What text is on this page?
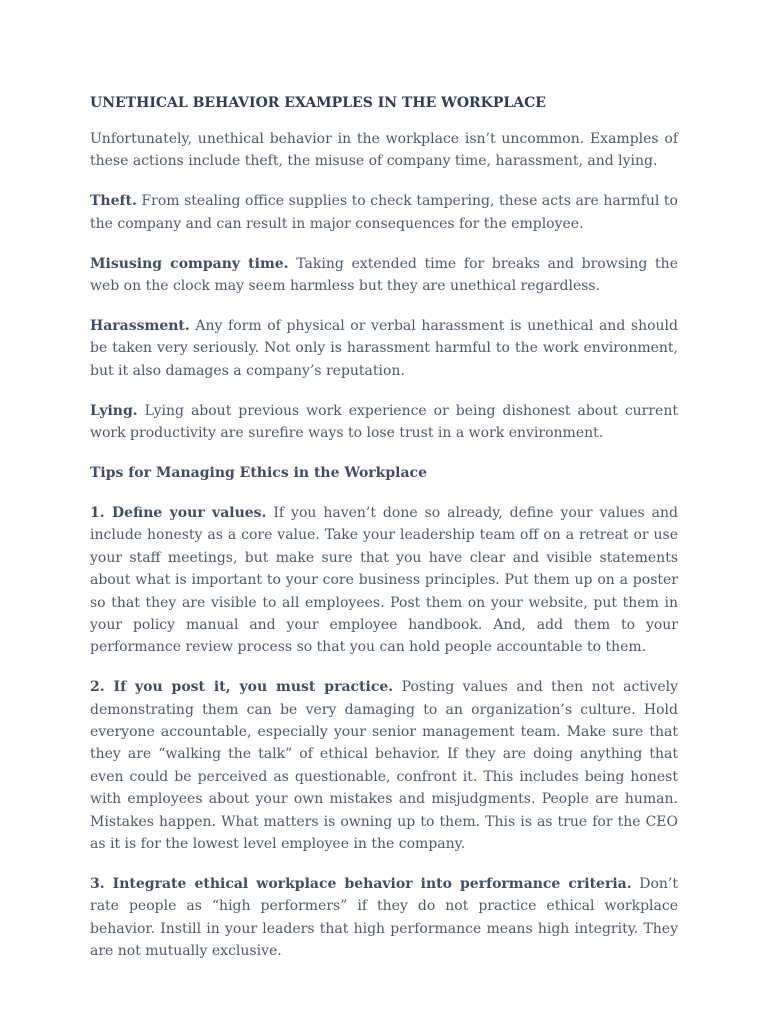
UNETHICAL BEHAVIOR EXAMPLES IN THE WORKPLACE

Unfortunately, unethical behavior in the workplace isn’t uncommon. Examples of these actions include theft, the misuse of company time, harassment, and lying.

Theft. From stealing office supplies to check tampering, these acts are harmful to the company and can result in major consequences for the employee.

Misusing company time. Taking extended time for breaks and browsing the web on the clock may seem harmless but they are unethical regardless.

Harassment. Any form of physical or verbal harassment is unethical and should be taken very seriously. Not only is harassment harmful to the work environment, but it also damages a company’s reputation.

Lying. Lying about previous work experience or being dishonest about current work productivity are surefire ways to lose trust in a work environment.

Tips for Managing Ethics in the Workplace

1. Define your values. If you haven’t done so already, define your values and include honesty as a core value. Take your leadership team off on a retreat or use your staff meetings, but make sure that you have clear and visible statements about what is important to your core business principles. Put them up on a poster so that they are visible to all employees. Post them on your website, put them in your policy manual and your employee handbook. And, add them to your performance review process so that you can hold people accountable to them.

2. If you post it, you must practice. Posting values and then not actively demonstrating them can be very damaging to an organization’s culture. Hold everyone accountable, especially your senior management team. Make sure that they are “walking the talk” of ethical behavior. If they are doing anything that even could be perceived as questionable, confront it. This includes being honest with employees about your own mistakes and misjudgments. People are human. Mistakes happen. What matters is owning up to them. This is as true for the CEO as it is for the lowest level employee in the company.

3. Integrate ethical workplace behavior into performance criteria. Don’t rate people as “high performers” if they do not practice ethical workplace behavior. Instill in your leaders that high performance means high integrity. They are not mutually exclusive.
